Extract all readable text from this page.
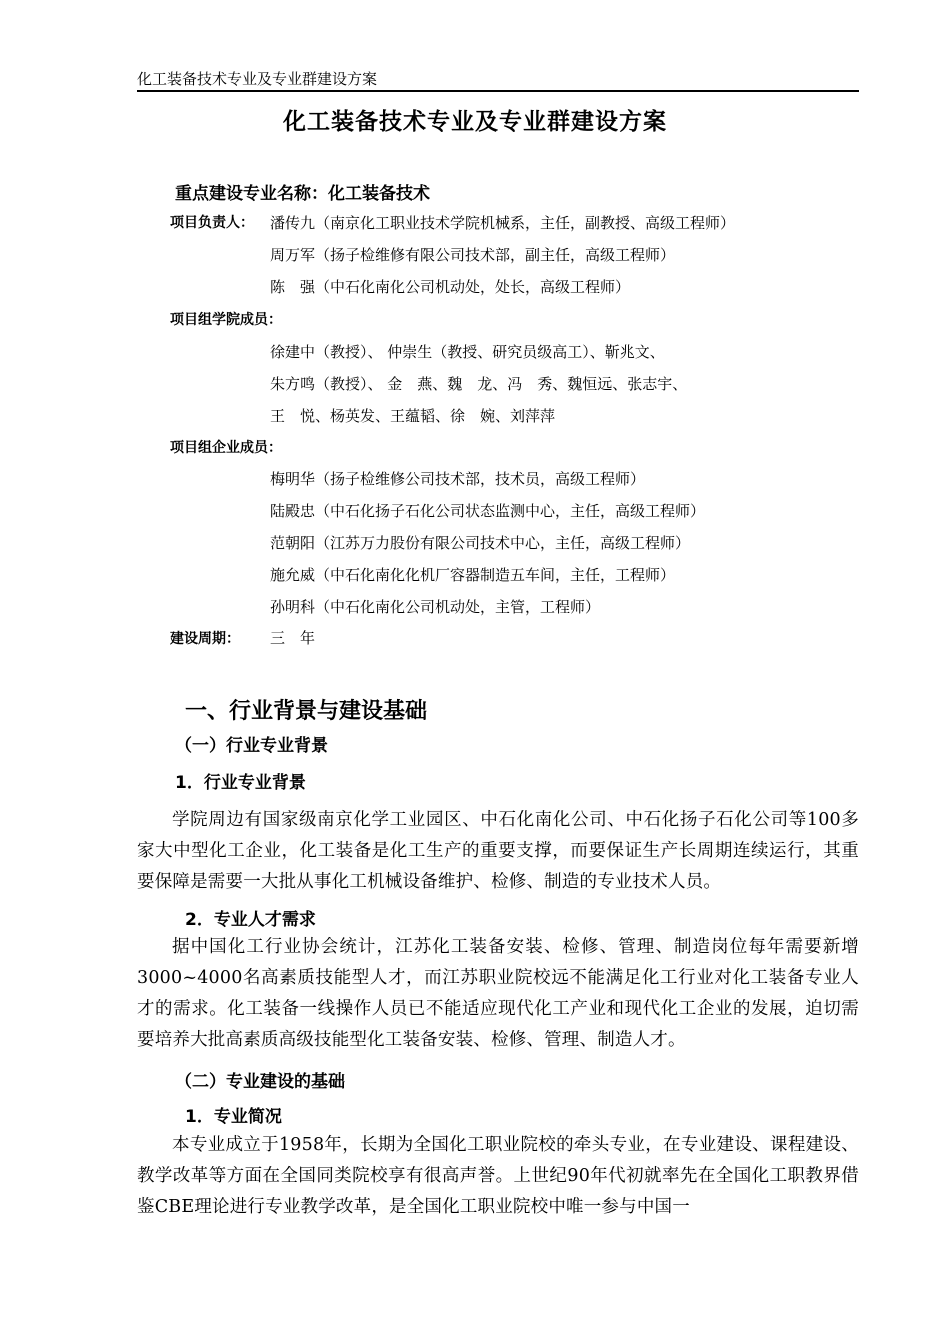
化工装备技术专业及专业群建设方案
化工装备技术专业及专业群建设方案
重点建设专业名称：化工装备技术
项目负责人： 潘传九（南京化工职业技术学院机械系，主任，副教授、高级工程师）
周万军（扬子检维修有限公司技术部，副主任，高级工程师）
陈　强（中石化南化公司机动处，处长，高级工程师）
项目组学院成员：
徐建中（教授）、 仲崇生（教授、研究员级高工）、靳兆文、
朱方鸣（教授）、 金　燕、魏　龙、冯　秀、魏恒远、张志宇、
王　悦、杨英发、王蕴韬、徐　婉、刘萍萍
项目组企业成员：
梅明华（扬子检维修公司技术部，技术员，高级工程师）
陆殿忠（中石化扬子石化公司状态监测中心，主任，高级工程师）
范朝阳（江苏万力股份有限公司技术中心，主任，高级工程师）
施允威（中石化南化化机厂容器制造五车间，主任，工程师）
孙明科（中石化南化公司机动处，主管，工程师）
建设周期： 三　年
一、行业背景与建设基础
（一）行业专业背景
1．行业专业背景
学院周边有国家级南京化学工业园区、中石化南化公司、中石化扬子石化公司等100多家大中型化工企业，化工装备是化工生产的重要支撑，而要保证生产长周期连续运行，其重要保障是需要一大批从事化工机械设备维护、检修、制造的专业技术人员。
2．专业人才需求
据中国化工行业协会统计，江苏化工装备安装、检修、管理、制造岗位每年需要新增3000~4000名高素质技能型人才，而江苏职业院校远不能满足化工行业对化工装备专业人才的需求。化工装备一线操作人员已不能适应现代化工产业和现代化工企业的发展，迫切需要培养大批高素质高级技能型化工装备安装、检修、管理、制造人才。
（二）专业建设的基础
1．专业简况
本专业成立于1958年，长期为全国化工职业院校的牵头专业，在专业建设、课程建设、教学改革等方面在全国同类院校享有很高声誉。上世纪90年代初就率先在全国化工职教界借鉴CBE理论进行专业教学改革，是全国化工职业院校中唯一参与中国一
